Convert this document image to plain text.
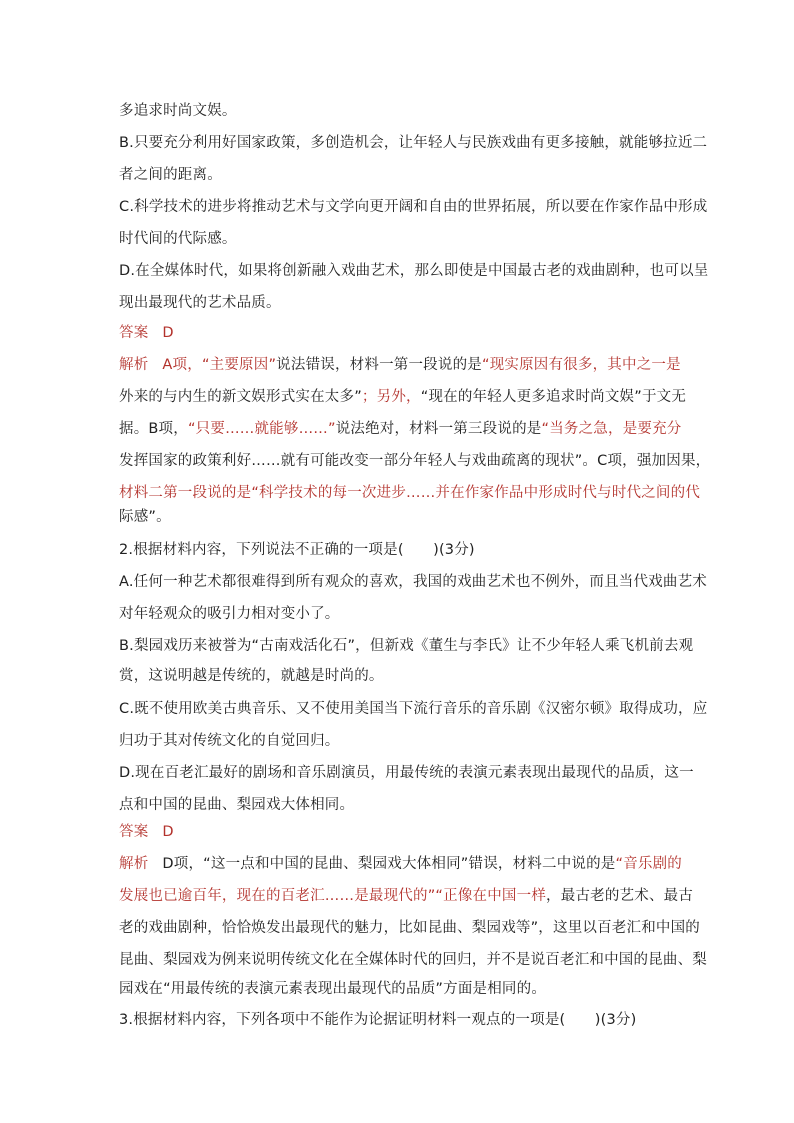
多追求时尚文娱。
B.只要充分利用好国家政策，多创造机会，让年轻人与民族戏曲有更多接触，就能够拉近二
者之间的距离。
C.科学技术的进步将推动艺术与文学向更开阔和自由的世界拓展，所以要在作家作品中形成
时代间的代际感。
D.在全媒体时代，如果将创新融入戏曲艺术，那么即使是中国最古老的戏曲剧种，也可以呈
现出最现代的艺术品质。
答案 D
解析 A项，“主要原因”说法错误，材料一第一段说的是“现实原因有很多，其中之一是
外来的与内生的新文娱形式实在太多”；另外，“现在的年轻人更多追求时尚文娱”于文无
据。B项，“只要……就能够……”说法绝对，材料一第三段说的是“当务之急，是要充分
发挥国家的政策利好……就有可能改变一部分年轻人与戏曲疏离的现状”。C项，强加因果，
材料二第一段说的是“科学技术的每一次进步……并在作家作品中形成时代与时代之间的代
际感”。
2.根据材料内容，下列说法不正确的一项是(　　)(3分)
A.任何一种艺术都很难得到所有观众的喜欢，我国的戏曲艺术也不例外，而且当代戏曲艺术
对年轻观众的吸引力相对变小了。
B.梨园戏历来被誉为“古南戏活化石”，但新戏《董生与李氏》让不少年轻人乘飞机前去观
赏，这说明越是传统的，就越是时尚的。
C.既不使用欧美古典音乐、又不使用美国当下流行音乐的音乐剧《汉密尔顿》取得成功，应
归功于其对传统文化的自觉回归。
D.现在百老汇最好的剧场和音乐剧演员，用最传统的表演元素表现出最现代的品质，这一
点和中国的昆曲、梨园戏大体相同。
答案 D
解析 D项，“这一点和中国的昆曲、梨园戏大体相同”错误，材料二中说的是“音乐剧的
发展也已逾百年，现在的百老汇……是最现代的”“正像在中国一样，最古老的艺术、最古
老的戏曲剧种，恰恰焕发出最现代的魅力，比如昆曲、梨园戏等”，这里以百老汇和中国的
昆曲、梨园戏为例来说明传统文化在全媒体时代的回归，并不是说百老汇和中国的昆曲、梨
园戏在“用最传统的表演元素表现出最现代的品质”方面是相同的。
3.根据材料内容，下列各项中不能作为论据证明材料一观点的一项是(　　)(3分)
